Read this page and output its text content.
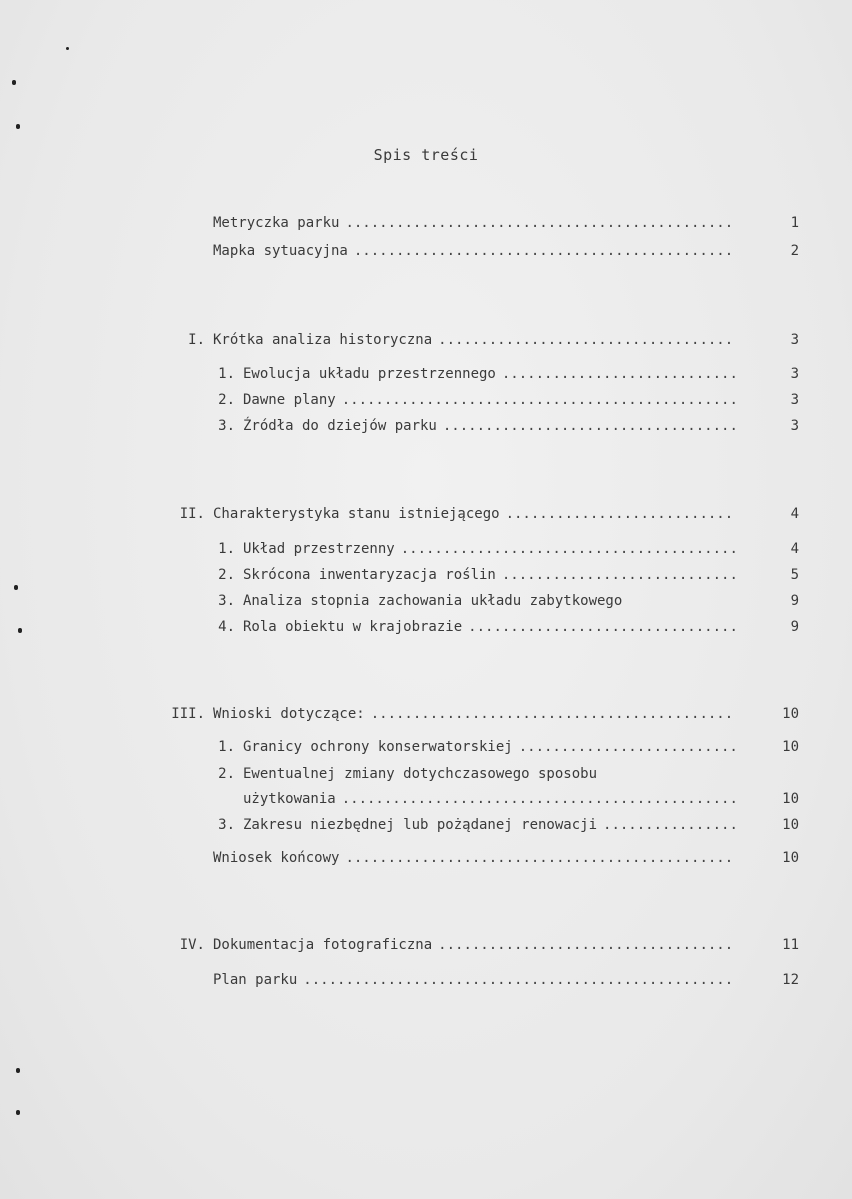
Spis treści
Metryczka parku .....	1
Mapka sytuacyjna .....	2
I. Krótka analiza historyczna .....	3
1. Ewolucja układu przestrzennego .....	3
2. Dawne plany .....	3
3. Źródła do dziejów parku .....	3
II. Charakterystyka stanu istniejącego .....	4
1. Układ przestrzenny .....	4
2. Skrócona inwentaryzacja roślin .....	5
3. Analiza stopnia zachowania układu zabytkowego	9
4. Rola obiektu w krajobrazie .....	9
III. Wnioski dotyczące: .....	10
1. Granicy ochrony konserwatorskiej .....	10
2. Ewentualnej zmiany dotychczasowego sposobu
użytkowania .....	10
3. Zakresu niezbędnej lub pożądanej renowacji .....	10
Wniosek końcowy .....	10
IV. Dokumentacja fotograficzna .....	11
Plan parku .....	12
